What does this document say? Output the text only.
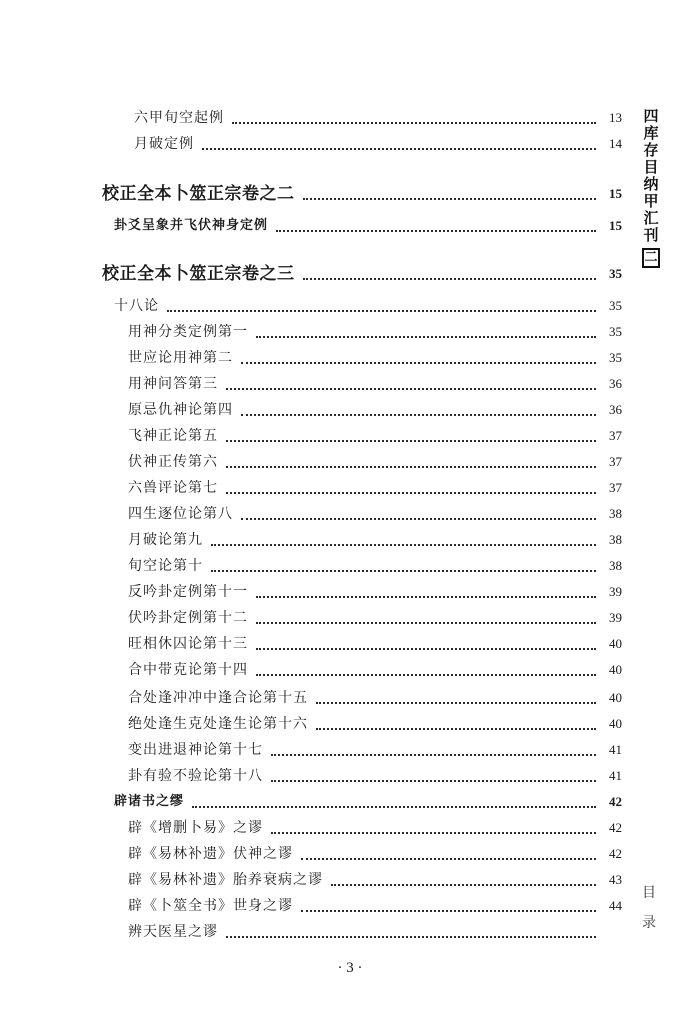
六甲旬空起例	13
月破定例	14
校正全本卜筮正宗卷之二	15
卦爻呈象并飞伏神身定例	15
校正全本卜筮正宗卷之三	35
十八论	35
用神分类定例第一	35
世应论用神第二	35
用神问答第三	36
原忌仇神论第四	36
飞神正论第五	37
伏神正传第六	37
六兽评论第七	37
四生逐位论第八	38
月破论第九	38
旬空论第十	38
反吟卦定例第十一	39
伏吟卦定例第十二	39
旺相休囚论第十三	40
合中带克论第十四	40
合处逢冲冲中逢合论第十五	40
绝处逢生克处逢生论第十六	40
变出进退神论第十七	41
卦有验不验论第十八	41
辟诸书之缪	42
辟《增删卜易》之谬	42
辟《易林补遗》伏神之谬	42
辟《易林补遗》胎养衰病之谬	43
辟《卜筮全书》世身之谬	44
辨天医星之谬
四
库
存
目
纳
甲
汇
刊
二
目
录
· 3 ·
